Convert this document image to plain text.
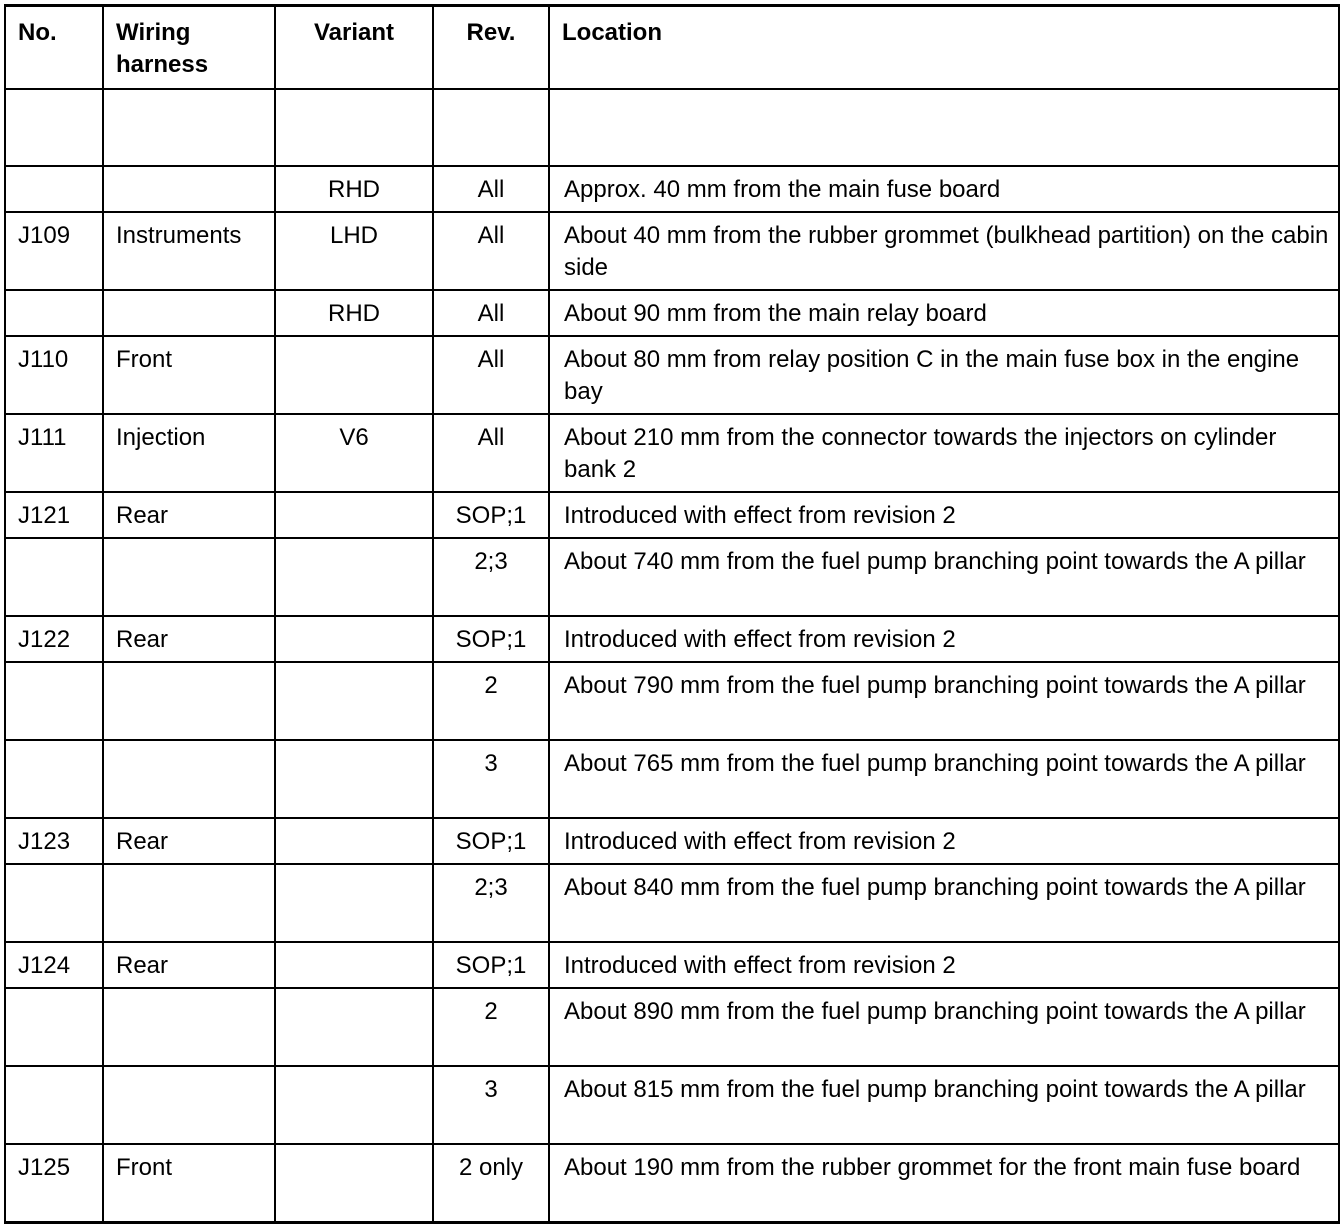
No.	Wiring harness	Variant	Rev.	Location

		RHD	All	Approx. 40 mm from the main fuse board
J109	Instruments	LHD	All	About 40 mm from the rubber grommet (bulkhead partition) on the cabin side
		RHD	All	About 90 mm from the main relay board
J110	Front		All	About 80 mm from relay position C in the main fuse box in the engine bay
J111	Injection	V6	All	About 210 mm from the connector towards the injectors on cylinder bank 2
J121	Rear		SOP;1	Introduced with effect from revision 2
			2;3	About 740 mm from the fuel pump branching point towards the A pillar
J122	Rear		SOP;1	Introduced with effect from revision 2
			2	About 790 mm from the fuel pump branching point towards the A pillar
			3	About 765 mm from the fuel pump branching point towards the A pillar
J123	Rear		SOP;1	Introduced with effect from revision 2
			2;3	About 840 mm from the fuel pump branching point towards the A pillar
J124	Rear		SOP;1	Introduced with effect from revision 2
			2	About 890 mm from the fuel pump branching point towards the A pillar
			3	About 815 mm from the fuel pump branching point towards the A pillar
J125	Front		2 only	About 190 mm from the rubber grommet for the front main fuse board
